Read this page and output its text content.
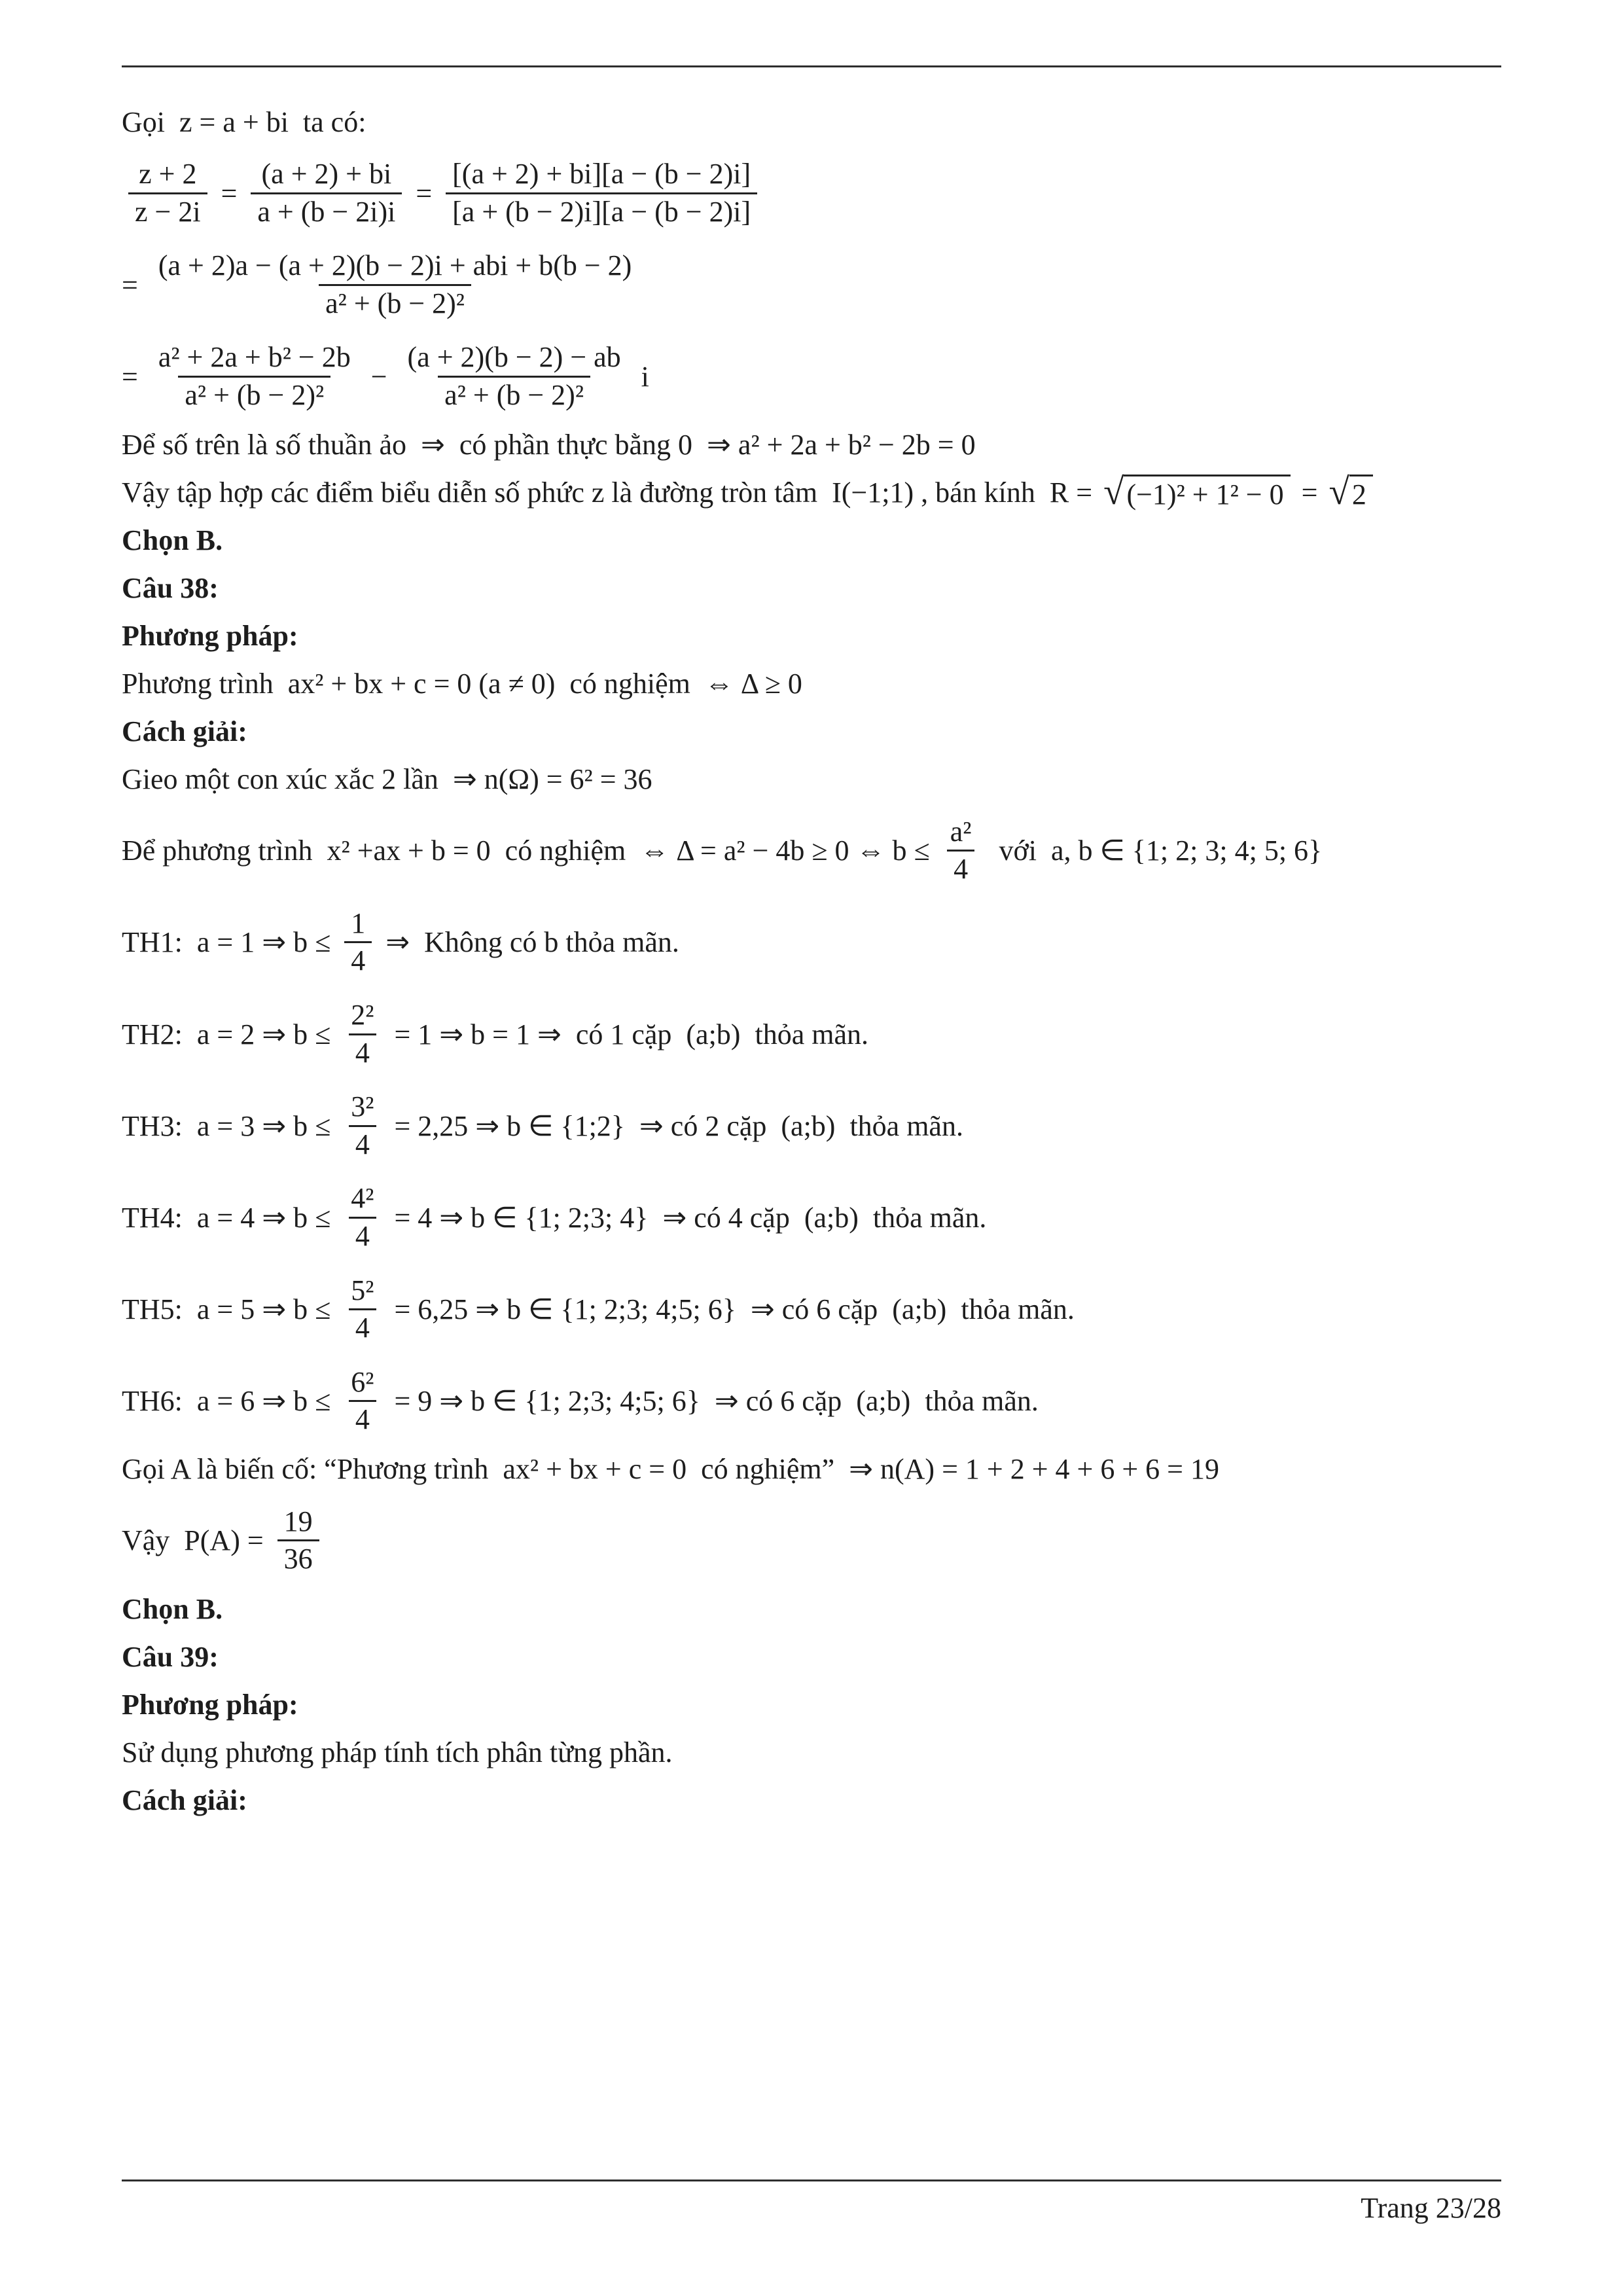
Gọi  z = a + bi  ta có:
$\frac{z + 2}{z - 2i} = \frac{(a + 2) + bi}{a + (b - 2i)i} = \frac{[(a + 2) + bi][a - (b - 2)i]}{[a + (b - 2)i][a - (b - 2)i]}$
= $\frac{\text{(a + 2)a − (a + 2)(b − 2)i + abi + b(b − 2)}}{\text{a² + (b − 2)²}}$
= $\frac{\text{a² + 2a + b² − 2b}}{\text{a² + (b − 2)²}} - \frac{(a + 2)(b - 2) - ab}{\text{a² + (b − 2)²}}$ i
Để số trên là số thuần ảo  ⇒  có phần thực bằng 0  ⇒ a² + 2a + b² − 2b = 0
Vậy tập hợp các điểm biểu diễn số phức z là đường tròn tâm  I(−1;1) , bán kính  R = √ (−1)² + 1² − 0 = √ 2
Chọn B.
Câu 38:
Phương pháp:
Phương trình  ax² + bx + c = 0 (a ≠ 0)  có nghiệm  ⇔ Δ ≥ 0
Cách giải:
Gieo một con xúc xắc 2 lần  ⇒ n(Ω) = 6² = 36
Để phương trình  x² +ax + b = 0  có nghiệm  ⇔ Δ = a² − 4b ≥ 0 ⇔ $b \le \frac{\text{a²}}{4}$ với  a, b ∈ {1; 2; 3; 4; 5; 6}
TH1:  a = 1 ⇒ $b \le \frac{1}{4}$ ⇒  Không có b thỏa mãn.
TH2:  a = 2 ⇒ $b \le \frac{\text{2²}}{4} = 1$ ⇒ b = 1 ⇒  có 1 cặp  (a;b)  thỏa mãn.
TH3:  a = 3 ⇒ $b \le \frac{\text{3²}}{4} = 2,25$ ⇒ b ∈ {1;2}  ⇒ có 2 cặp  (a;b)  thỏa mãn.
TH4:  a = 4 ⇒ $b \le \frac{\text{4²}}{4} = 4$ ⇒ b ∈ {1; 2;3; 4}  ⇒ có 4 cặp  (a;b)  thỏa mãn.
TH5:  a = 5 ⇒ $b \le \frac{\text{5²}}{4} = 6,25$ ⇒ b ∈ {1; 2;3; 4;5; 6}  ⇒ có 6 cặp  (a;b)  thỏa mãn.
TH6:  a = 6 ⇒ $b \le \frac{\text{6²}}{4} = 9$ ⇒ b ∈ {1; 2;3; 4;5; 6}  ⇒ có 6 cặp  (a;b)  thỏa mãn.
Gọi A là biến cố: “Phương trình  ax² + bx + c = 0  có nghiệm”  ⇒ n(A) = 1 + 2 + 4 + 6 + 6 = 19
Vậy  $P(A) = \frac{19}{36}$
Chọn B.
Câu 39:
Phương pháp:
Sử dụng phương pháp tính tích phân từng phần.
Cách giải:
Trang 23/28
